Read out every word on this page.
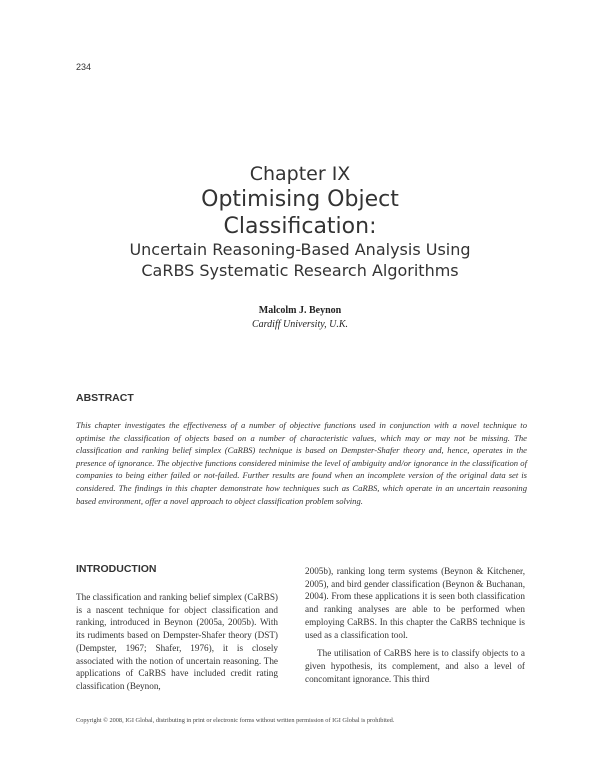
234
Chapter IX
Optimising Object
Classification:
Uncertain Reasoning-Based Analysis Using
CaRBS Systematic Research Algorithms
Malcolm J. Beynon
Cardiff University, U.K.
ABSTRACT
This chapter investigates the effectiveness of a number of objective functions used in conjunction with a novel technique to optimise the classification of objects based on a number of characteristic values, which may or may not be missing. The classification and ranking belief simplex (CaRBS) technique is based on Dempster-Shafer theory and, hence, operates in the presence of ignorance. The objective functions considered minimise the level of ambiguity and/or ignorance in the classification of companies to being either failed or not-failed. Further results are found when an incomplete version of the original data set is considered. The findings in this chapter demonstrate how techniques such as CaRBS, which operate in an uncertain reasoning based environment, offer a novel approach to object classification problem solving.
INTRODUCTION

The classification and ranking belief simplex (CaRBS) is a nascent technique for object classification and ranking, introduced in Beynon (2005a, 2005b). With its rudiments based on Dempster-Shafer theory (DST) (Dempster, 1967; Shafer, 1976), it is closely associated with the notion of uncertain reasoning. The applications of CaRBS have included credit rating classification (Beynon,

2005b), ranking long term systems (Beynon & Kitchener, 2005), and bird gender classification (Beynon & Buchanan, 2004). From these applications it is seen both classification and ranking analyses are able to be performed when employing CaRBS. In this chapter the CaRBS technique is used as a classification tool.

The utilisation of CaRBS here is to classify objects to a given hypothesis, its complement, and also a level of concomitant ignorance. This third

Copyright © 2008, IGI Global, distributing in print or electronic forms without written permission of IGI Global is prohibited.
